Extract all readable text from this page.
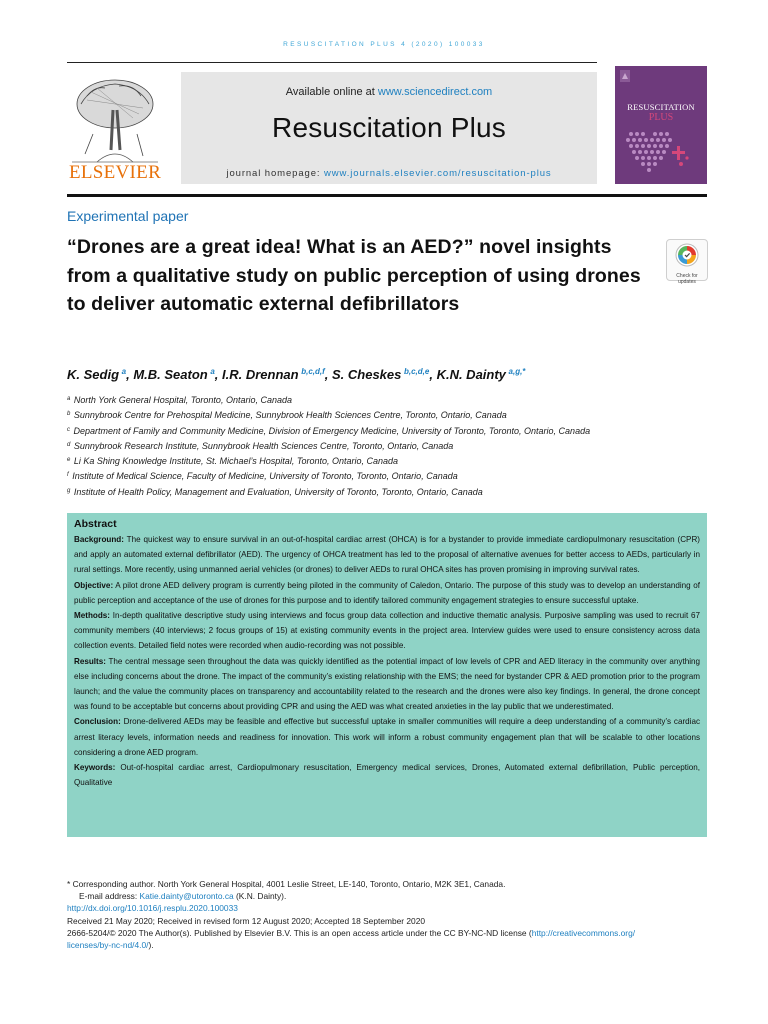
RESUSCITATION PLUS 4 (2020) 100033
ELSEVIER
Available online at www.sciencedirect.com
Resuscitation Plus
journal homepage: www.journals.elsevier.com/resuscitation-plus
RESUSCITATION
PLUS
Experimental paper
“Drones are a great idea! What is an AED?” novel insights from a qualitative study on public perception of using drones to deliver automatic external defibrillators
Check for updates
K. Sedig  $^a$, M.B. Seaton  $^a$, I.R. Drennan  $^{b,c,d,f}$, S. Cheskes  $^{b,c,d,e}$, K.N. Dainty  $^{a,g,*}$
$^a$ North York General Hospital, Toronto, Ontario, Canada
$^b$ Sunnybrook Centre for Prehospital Medicine, Sunnybrook Health Sciences Centre, Toronto, Ontario, Canada
$^c$ Department of Family and Community Medicine, Division of Emergency Medicine, University of Toronto, Toronto, Ontario, Canada
$^d$ Sunnybrook Research Institute, Sunnybrook Health Sciences Centre, Toronto, Ontario, Canada
$^e$ Li Ka Shing Knowledge Institute, St. Michael’s Hospital, Toronto, Ontario, Canada
$^f$ Institute of Medical Science, Faculty of Medicine, University of Toronto, Toronto, Ontario, Canada
$^g$ Institute of Health Policy, Management and Evaluation, University of Toronto, Toronto, Ontario, Canada
Abstract

Background: The quickest way to ensure survival in an out-of-hospital cardiac arrest (OHCA) is for a bystander to provide immediate cardiopulmonary resuscitation (CPR) and apply an automated external defibrillator (AED). The urgency of OHCA treatment has led to the proposal of alternative avenues for better access to AEDs, particularly in rural settings. More recently, using unmanned aerial vehicles (or drones) to deliver AEDs to rural OHCA sites has proven promising in improving survival rates.

Objective: A pilot drone AED delivery program is currently being piloted in the community of Caledon, Ontario. The purpose of this study was to develop an understanding of public perception and acceptance of the use of drones for this purpose and to identify tailored community engagement strategies to ensure successful uptake.

Methods: In-depth qualitative descriptive study using interviews and focus group data collection and inductive thematic analysis. Purposive sampling was used to recruit 67 community members (40 interviews; 2 focus groups of 15) at existing community events in the project area. Interview guides were used to ensure consistency across data collection events. Detailed field notes were recorded when audio-recording was not possible.

Results: The central message seen throughout the data was quickly identified as the potential impact of low levels of CPR and AED literacy in the community over anything else including concerns about the drone. The impact of the community’s existing relationship with the EMS; the need for bystander CPR & AED promotion prior to the program launch; and the value the community places on transparency and accountability related to the research and the drones were also key findings. In general, the drone concept was found to be acceptable but concerns about providing CPR and using the AED was what created anxieties in the lay public that we underestimated.

Conclusion: Drone-delivered AEDs may be feasible and effective but successful uptake in smaller communities will require a deep understanding of a community’s cardiac arrest literacy levels, information needs and readiness for innovation. This work will inform a robust community engagement plan that will be scalable to other locations considering a drone AED program.

Keywords: Out-of-hospital cardiac arrest, Cardiopulmonary resuscitation, Emergency medical services, Drones, Automated external defibrillation, Public perception, Qualitative

* Corresponding author. North York General Hospital, 4001 Leslie Street, LE-140, Toronto, Ontario, M2K 3E1, Canada.
E-mail address: Katie.dainty@utoronto.ca (K.N. Dainty).
http://dx.doi.org/10.1016/j.resplu.2020.100033
Received 21 May 2020; Received in revised form 12 August 2020; Accepted 18 September 2020
2666-5204/© 2020 The Author(s). Published by Elsevier B.V. This is an open access article under the CC BY-NC-ND license (http://creativecommons.org/
licenses/by-nc-nd/4.0/).
